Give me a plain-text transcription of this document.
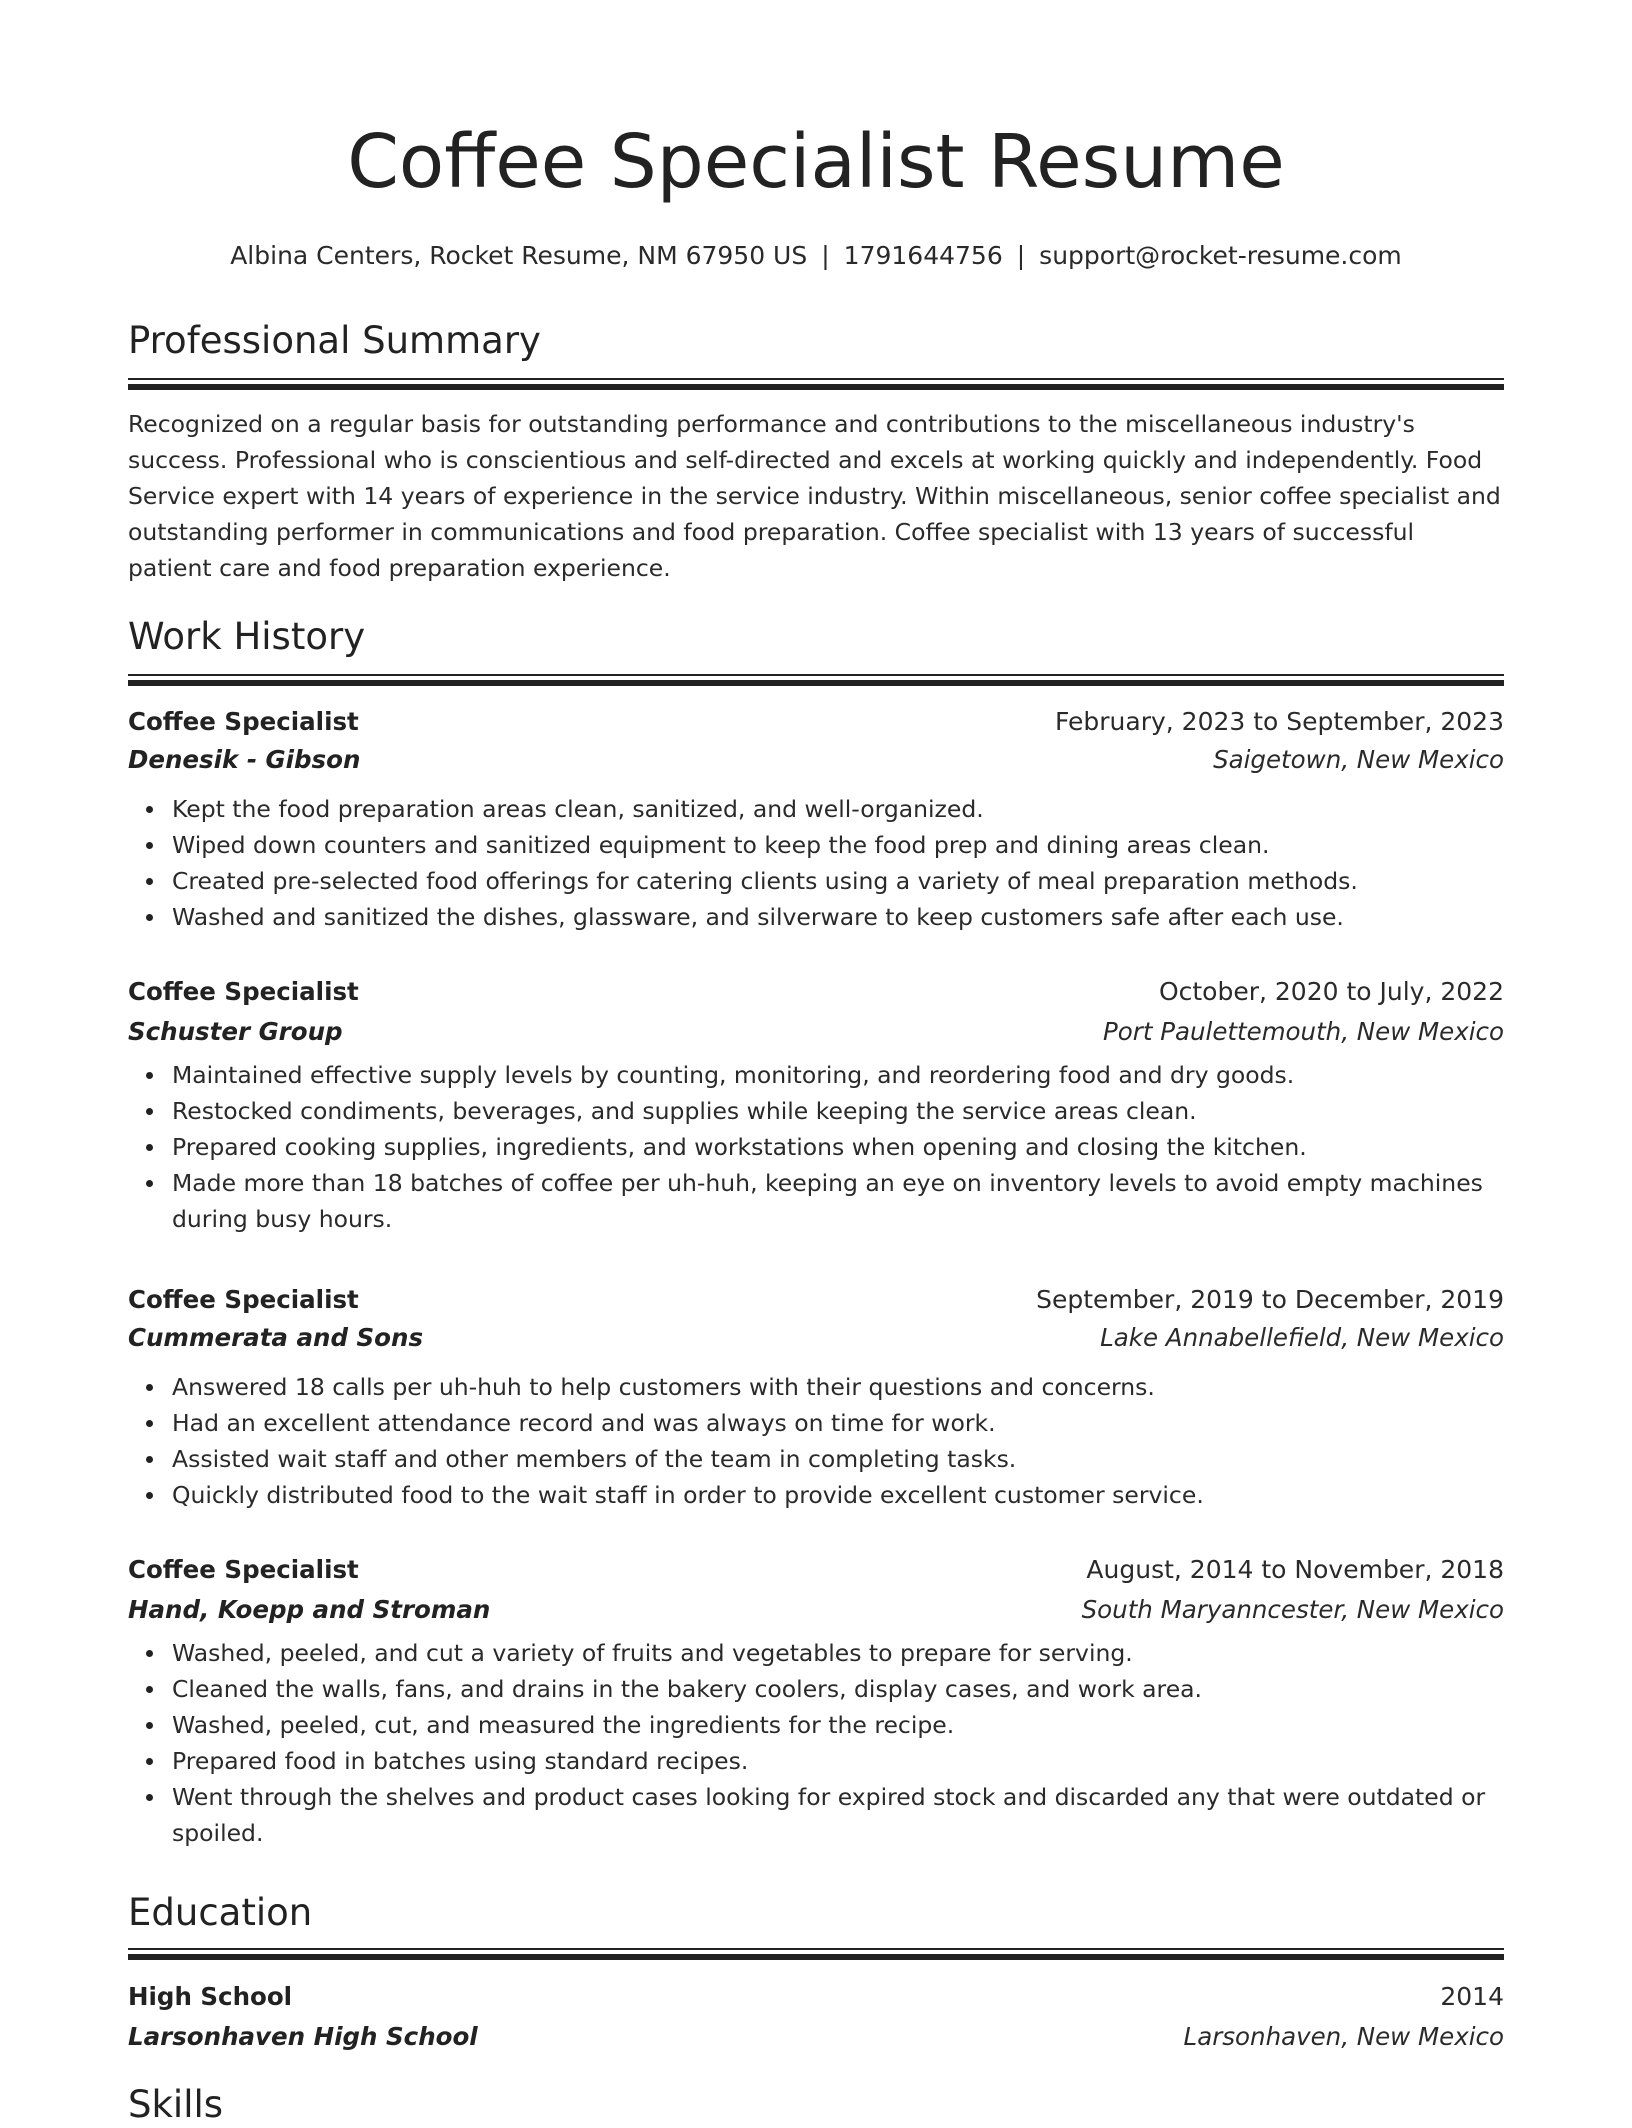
Coffee Specialist Resume
Albina Centers, Rocket Resume, NM 67950 US | 1791644756 | support@rocket-resume.com
Professional Summary
Recognized on a regular basis for outstanding performance and contributions to the miscellaneous industry's success. Professional who is conscientious and self-directed and excels at working quickly and independently. Food Service expert with 14 years of experience in the service industry. Within miscellaneous, senior coffee specialist and outstanding performer in communications and food preparation. Coffee specialist with 13 years of successful patient care and food preparation experience.
Work History
Coffee Specialist	February, 2023 to September, 2023
Denesik - Gibson	Saigetown, New Mexico
Kept the food preparation areas clean, sanitized, and well-organized.
Wiped down counters and sanitized equipment to keep the food prep and dining areas clean.
Created pre-selected food offerings for catering clients using a variety of meal preparation methods.
Washed and sanitized the dishes, glassware, and silverware to keep customers safe after each use.
Coffee Specialist	October, 2020 to July, 2022
Schuster Group	Port Paulettemouth, New Mexico
Maintained effective supply levels by counting, monitoring, and reordering food and dry goods.
Restocked condiments, beverages, and supplies while keeping the service areas clean.
Prepared cooking supplies, ingredients, and workstations when opening and closing the kitchen.
Made more than 18 batches of coffee per uh-huh, keeping an eye on inventory levels to avoid empty machines during busy hours.
Coffee Specialist	September, 2019 to December, 2019
Cummerata and Sons	Lake Annabellefield, New Mexico
Answered 18 calls per uh-huh to help customers with their questions and concerns.
Had an excellent attendance record and was always on time for work.
Assisted wait staff and other members of the team in completing tasks.
Quickly distributed food to the wait staff in order to provide excellent customer service.
Coffee Specialist	August, 2014 to November, 2018
Hand, Koepp and Stroman	South Maryanncester, New Mexico
Washed, peeled, and cut a variety of fruits and vegetables to prepare for serving.
Cleaned the walls, fans, and drains in the bakery coolers, display cases, and work area.
Washed, peeled, cut, and measured the ingredients for the recipe.
Prepared food in batches using standard recipes.
Went through the shelves and product cases looking for expired stock and discarded any that were outdated or spoiled.
Education
High School	2014
Larsonhaven High School	Larsonhaven, New Mexico
Skills
